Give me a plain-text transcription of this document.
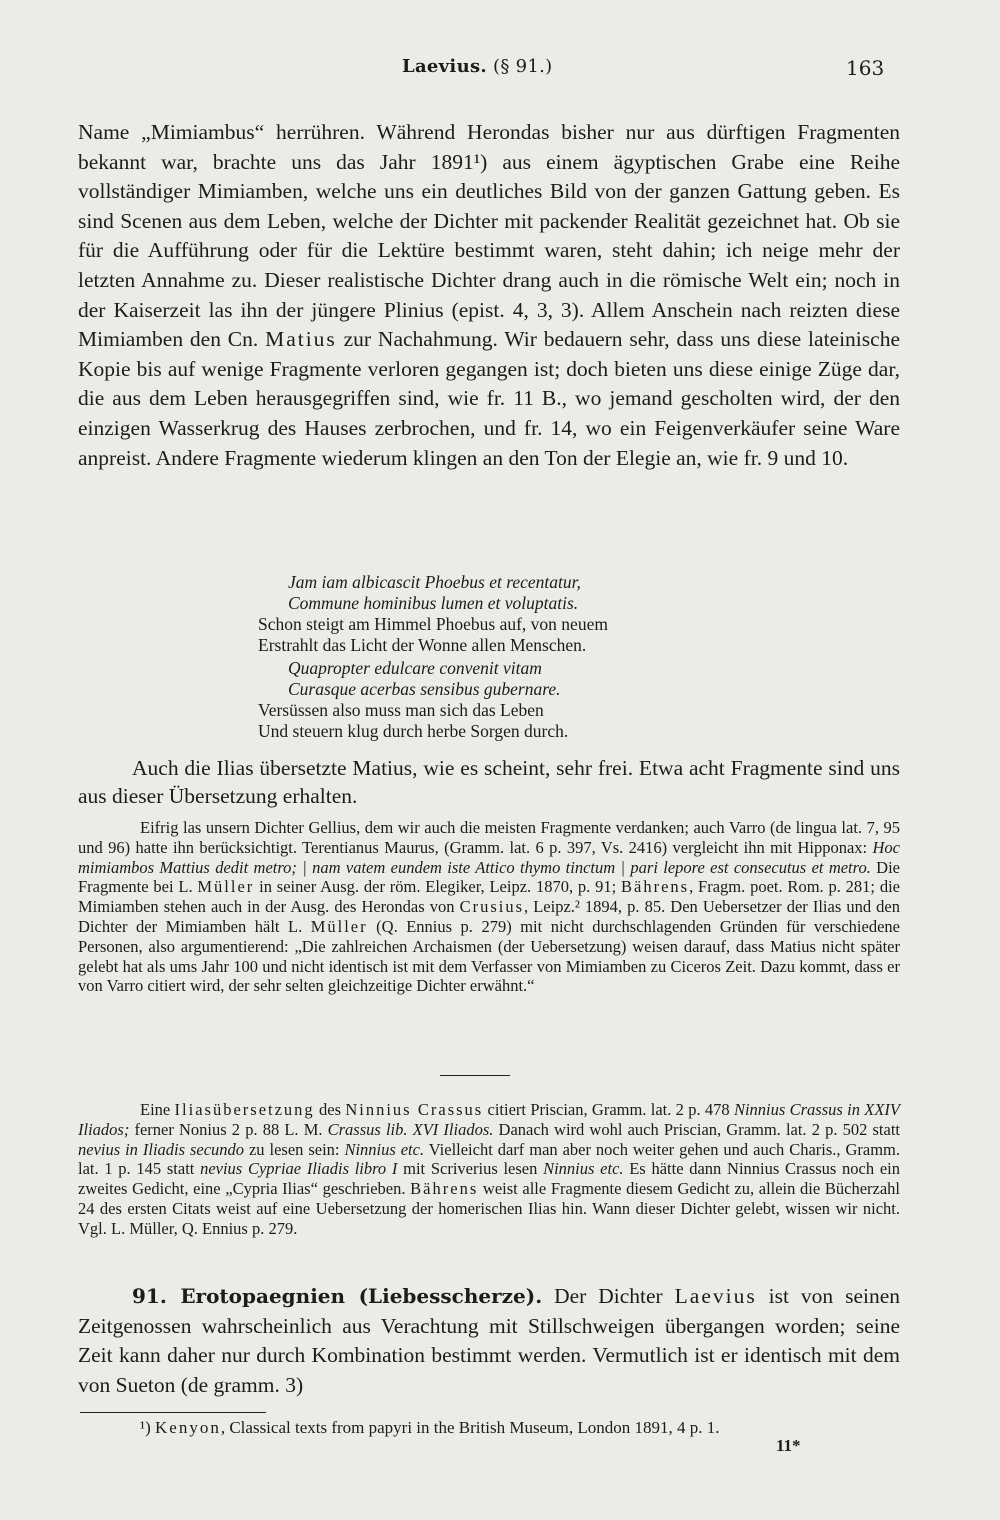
Laevius. (§ 91.)	163
Name „Mimiambus“ herrühren. Während Herondas bisher nur aus dürftigen Fragmenten bekannt war, brachte uns das Jahr 1891¹) aus einem ägyptischen Grabe eine Reihe vollständiger Mimiamben, welche uns ein deutliches Bild von der ganzen Gattung geben. Es sind Scenen aus dem Leben, welche der Dichter mit packender Realität gezeichnet hat. Ob sie für die Aufführung oder für die Lektüre bestimmt waren, steht dahin; ich neige mehr der letzten Annahme zu. Dieser realistische Dichter drang auch in die römische Welt ein; noch in der Kaiserzeit las ihn der jüngere Plinius (epist. 4, 3, 3). Allem Anschein nach reizten diese Mimiamben den Cn. Matius zur Nachahmung. Wir bedauern sehr, dass uns diese lateinische Kopie bis auf wenige Fragmente verloren gegangen ist; doch bieten uns diese einige Züge dar, die aus dem Leben herausgegriffen sind, wie fr. 11 B., wo jemand gescholten wird, der den einzigen Wasserkrug des Hauses zerbrochen, und fr. 14, wo ein Feigenverkäufer seine Ware anpreist. Andere Fragmente wiederum klingen an den Ton der Elegie an, wie fr. 9 und 10.
Jam iam albicascit Phoebus et recentatur,
Commune hominibus lumen et voluptatis.
Schon steigt am Himmel Phoebus auf, von neuem
Erstrahlt das Licht der Wonne allen Menschen.
Quapropter edulcare convenit vitam
Curasque acerbas sensibus gubernare.
Versüssen also muss man sich das Leben
Und steuern klug durch herbe Sorgen durch.
Auch die Ilias übersetzte Matius, wie es scheint, sehr frei. Etwa acht Fragmente sind uns aus dieser Übersetzung erhalten.
Eifrig las unsern Dichter Gellius, dem wir auch die meisten Fragmente verdanken; auch Varro (de lingua lat. 7, 95 und 96) hatte ihn berücksichtigt. Terentianus Maurus, (Gramm. lat. 6 p. 397, Vs. 2416) vergleicht ihn mit Hipponax: Hoc mimiambos Mattius dedit metro; | nam vatem eundem iste Attico thymo tinctum | pari lepore est consecutus et metro. Die Fragmente bei L. Müller in seiner Ausg. der röm. Elegiker, Leipz. 1870, p. 91; Bährens, Fragm. poet. Rom. p. 281; die Mimiamben stehen auch in der Ausg. des Herondas von Crusius, Leipz.² 1894, p. 85. Den Uebersetzer der Ilias und den Dichter der Mimiamben hält L. Müller (Q. Ennius p. 279) mit nicht durchschlagenden Gründen für verschiedene Personen, also argumentierend: „Die zahlreichen Archaismen (der Uebersetzung) weisen darauf, dass Matius nicht später gelebt hat als ums Jahr 100 und nicht identisch ist mit dem Verfasser von Mimiamben zu Ciceros Zeit. Dazu kommt, dass er von Varro citiert wird, der sehr selten gleichzeitige Dichter erwähnt.“
Eine Iliasübersetzung des Ninnius Crassus citiert Priscian, Gramm. lat. 2 p. 478 Ninnius Crassus in XXIV Iliados; ferner Nonius 2 p. 88 L. M. Crassus lib. XVI Iliados. Danach wird wohl auch Priscian, Gramm. lat. 2 p. 502 statt nevius in Iliadis secundo zu lesen sein: Ninnius etc. Vielleicht darf man aber noch weiter gehen und auch Charis., Gramm. lat. 1 p. 145 statt nevius Cypriae Iliadis libro I mit Scriverius lesen Ninnius etc. Es hätte dann Ninnius Crassus noch ein zweites Gedicht, eine „Cypria Ilias“ geschrieben. Bährens weist alle Fragmente diesem Gedicht zu, allein die Bücherzahl 24 des ersten Citats weist auf eine Uebersetzung der homerischen Ilias hin. Wann dieser Dichter gelebt, wissen wir nicht. Vgl. L. Müller, Q. Ennius p. 279.
91. Erotopaegnien (Liebesscherze). Der Dichter Laevius ist von seinen Zeitgenossen wahrscheinlich aus Verachtung mit Stillschweigen übergangen worden; seine Zeit kann daher nur durch Kombination bestimmt werden. Vermutlich ist er identisch mit dem von Sueton (de gramm. 3)
¹) Kenyon, Classical texts from papyri in the British Museum, London 1891, 4 p. 1.
11*
